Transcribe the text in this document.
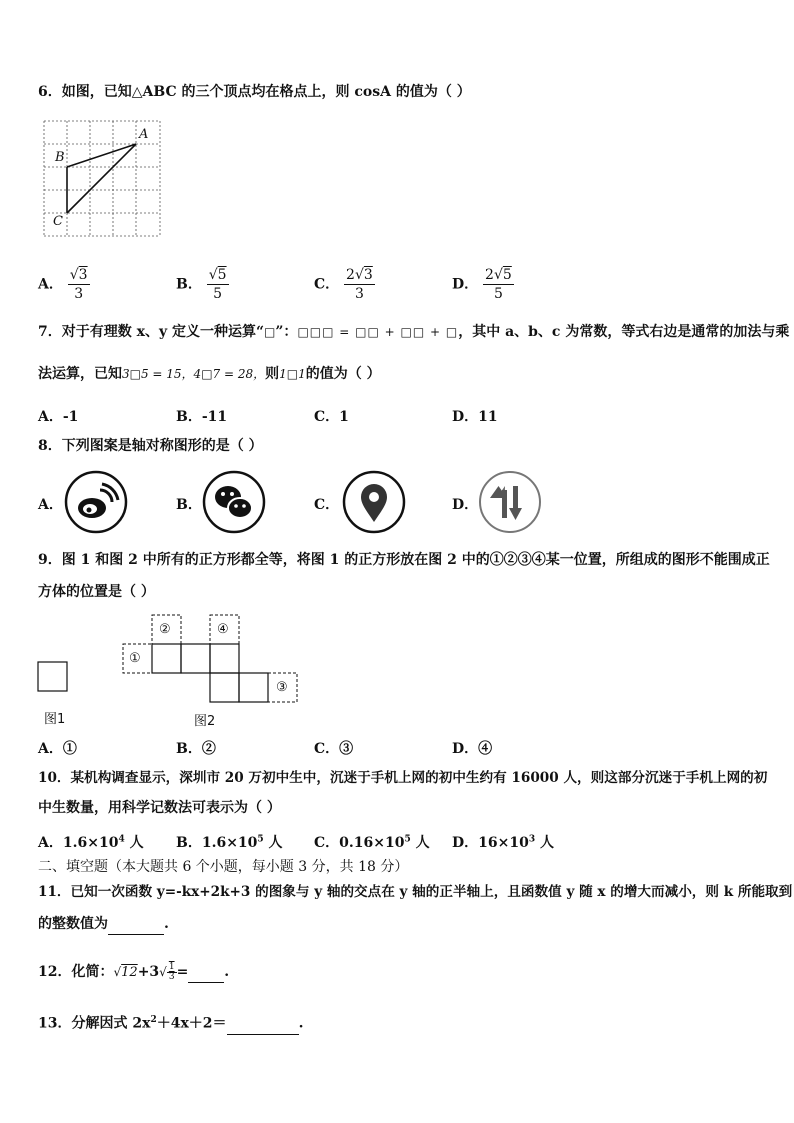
6．如图，已知△ABC 的三个顶点均在格点上，则 cosA 的值为（ ）
A
B
C
A． $\frac{√3}{3}$	B． $\frac{√5}{5}$	C． $\frac{2√3}{3}$	D． $\frac{2√5}{5}$
7．对于有理数 x、y 定义一种运算“□”：□□□ = □□ + □□ + □，其中 a、b、c 为常数，等式右边是通常的加法与乘
法运算，已知3□5 = 15，4□7 = 28，则1□1的值为（ ）
A．-1	B．-11	C．1	D．11
8．下列图案是轴对称图形的是（ ）
A．	B．	C．	D．
9．图 1 和图 2 中所有的正方形都全等，将图 1 的正方形放在图 2 中的①②③④某一位置，所组成的图形不能围成正
方体的位置是（ ）
①
②
③
④
图1	图2
A．①	B．②	C．③	D．④
10．某机构调查显示，深圳市 20 万初中生中，沉迷于手机上网的初中生约有 16000 人，则这部分沉迷于手机上网的初
中生数量，用科学记数法可表示为（ ）
A．$1.6\times 10^4$ 人 B．$1.6\times 10^5$ 人 C．$0.16\times 10^5$ 人 D．$16\times 10^3$ 人
二、填空题（本大题共 6 个小题，每小题 3 分，共 18 分）
11．已知一次函数 y=-kx+2k+3 的图象与 y 轴的交点在 y 轴的正半轴上，且函数值 y 随 x 的增大而减小，则 k 所能取到
的整数值为	.
12．化简：$√12+3√ \frac{1}{3}$ =	.
13．分解因式 $2x^2+4x+2=$	.
